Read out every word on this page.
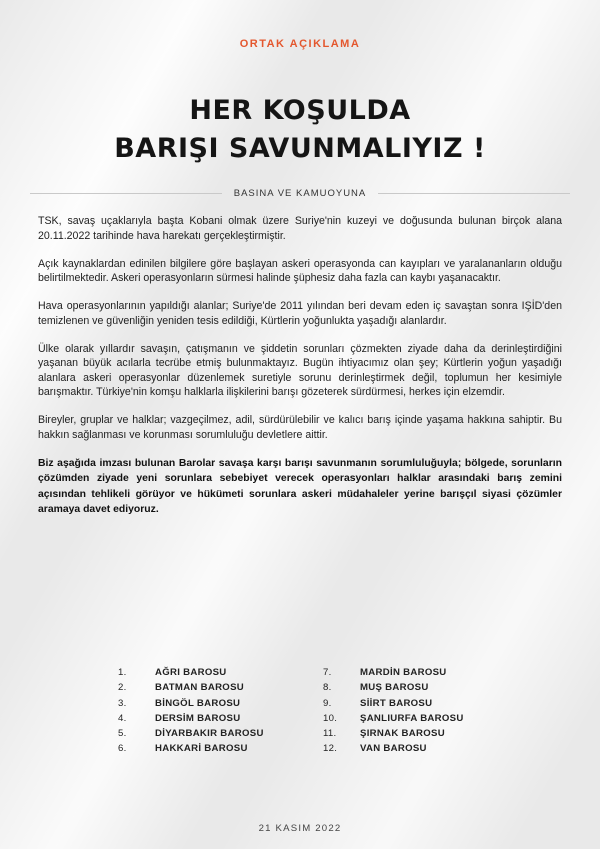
ORTAK AÇIKLAMA
HER KOŞULDA
BARIŞI SAVUNMALIYIZ !
BASINA VE KAMUOYUNA

TSK, savaş uçaklarıyla başta Kobani olmak üzere Suriye'nin kuzeyi ve doğusunda bulunan birçok alana 20.11.2022 tarihinde hava harekatı gerçekleştirmiştir.

Açık kaynaklardan edinilen bilgilere göre başlayan askeri operasyonda can kayıpları ve yaralananların olduğu belirtilmektedir. Askeri operasyonların sürmesi halinde şüphesiz daha fazla can kaybı yaşanacaktır.

Hava operasyonlarının yapıldığı alanlar; Suriye'de 2011 yılından beri devam eden iç savaştan sonra IŞİD'den temizlenen ve güvenliğin yeniden tesis edildiği, Kürtlerin yoğunlukta yaşadığı alanlardır.

Ülke olarak yıllardır savaşın, çatışmanın ve şiddetin sorunları çözmekten ziyade daha da derinleştirdiğini yaşanan büyük acılarla tecrübe etmiş bulunmaktayız. Bugün ihtiyacımız olan şey; Kürtlerin yoğun yaşadığı alanlara askeri operasyonlar düzenlemek suretiyle sorunu derinleştirmek değil, toplumun her kesimiyle barışmaktır. Türkiye'nin komşu halklarla ilişkilerini barışı gözeterek sürdürmesi, herkes için elzemdir.

Bireyler, gruplar ve halklar; vazgeçilmez, adil, sürdürülebilir ve kalıcı barış içinde yaşama hakkına sahiptir. Bu hakkın sağlanması ve korunması sorumluluğu devletlere aittir.

Biz aşağıda imzası bulunan Barolar savaşa karşı barışı savunmanın sorumluluğuyla; bölgede, sorunların çözümden ziyade yeni sorunlara sebebiyet verecek operasyonları halklar arasındaki barış zemini açısından tehlikeli görüyor ve hükümeti sorunlara askeri müdahaleler yerine barışçıl siyasi çözümler aramaya davet ediyoruz.

1.	AĞRI BAROSU
2.	BATMAN BAROSU
3.	BİNGÖL BAROSU
4.	DERSİM BAROSU
5.	DİYARBAKIR BAROSU
6.	HAKKARİ BAROSU
7.	MARDİN BAROSU
8.	MUŞ BAROSU
9.	SİİRT BAROSU
10.	ŞANLIURFA BAROSU
11.	ŞIRNAK BAROSU
12.	VAN BAROSU
21 KASIM 2022
